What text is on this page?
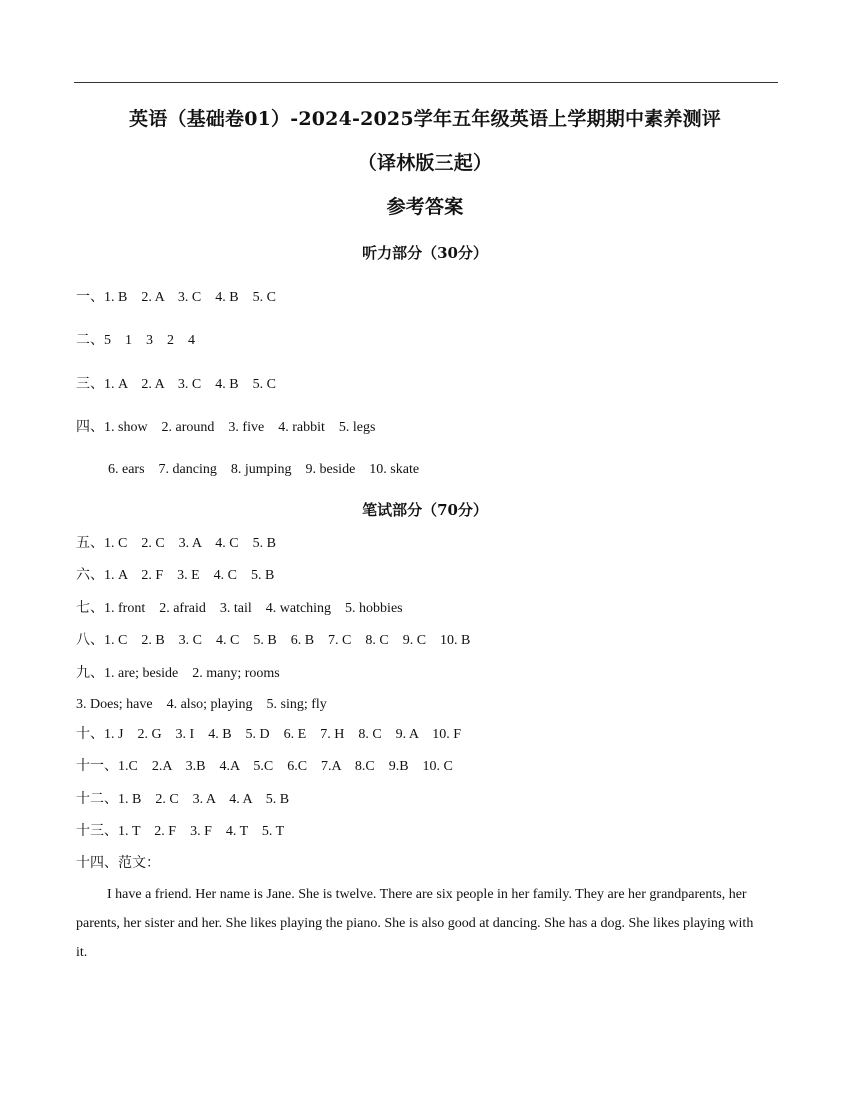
英语（基础卷01）-2024-2025学年五年级英语上学期期中素养测评
（译林版三起）
参考答案
听力部分（30分）
一、1. B    2. A    3. C    4. B    5. C
二、5    1    3    2    4
三、1. A    2. A    3. C    4. B    5. C
四、1. show    2. around    3. five    4. rabbit    5. legs
6. ears    7. dancing    8. jumping    9. beside    10. skate
笔试部分（70分）
五、1. C    2. C    3. A    4. C    5. B
六、1. A    2. F    3. E    4. C    5. B
七、1. front    2. afraid    3. tail    4. watching    5. hobbies
八、1. C    2. B    3. C    4. C    5. B    6. B    7. C    8. C    9. C    10. B
九、1. are; beside    2. many; rooms
3. Does; have    4. also; playing    5. sing; fly
十、1. J    2. G    3. I    4. B    5. D    6. E    7. H    8. C    9. A    10. F
十一、1.C    2.A    3.B    4.A    5.C    6.C    7.A    8.C    9.B    10. C
十二、1. B    2. C    3. A    4. A    5. B
十三、1. T    2. F    3. F    4. T    5. T
十四、范文：
I have a friend. Her name is Jane. She is twelve. There are six people in her family. They are her grandparents, her parents, her sister and her. She likes playing the piano. She is also good at dancing. She has a dog. She likes playing with it.
